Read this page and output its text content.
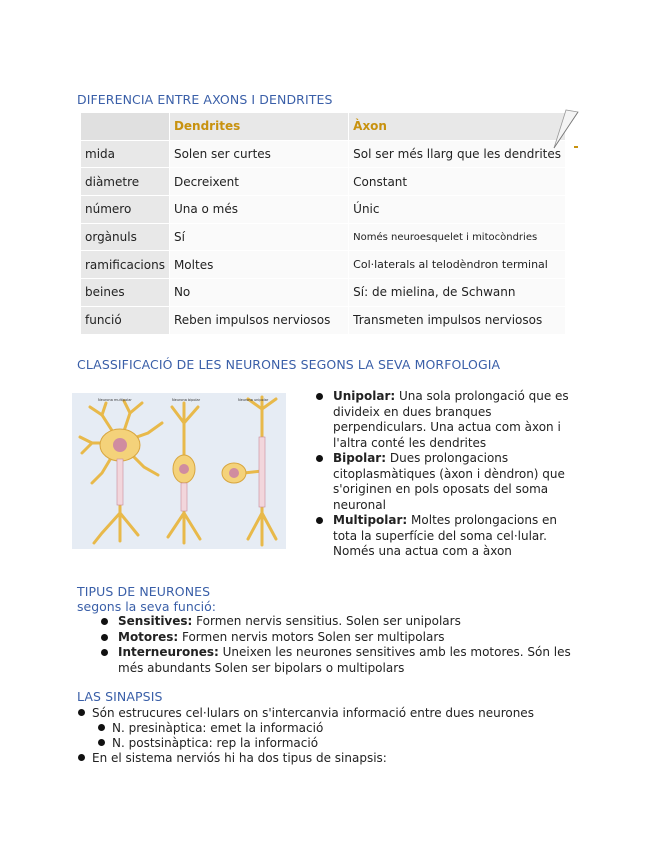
DIFERENCIA ENTRE AXONS I DENDRITES
	Dendrites	Àxon
mida	Solen ser curtes	Sol ser més llarg que les dendrites
diàmetre	Decreixent	Constant
número	Una o més	Únic
orgànuls	Sí	Només neuroesquelet i mitocòndries
ramificacions	Moltes	Col·laterals al telodèndron terminal
beines	No	Sí: de mielina, de Schwann
funció	Reben impulsos nerviosos	Transmeten impulsos nerviosos
CLASSIFICACIÓ DE LES NEURONES SEGONS LA SEVA MORFOLOGIA
Neurona multipolar	Neurona bipolar	Neurona unipolar	Unipolar: Una sola prolongació que es divideix en dues branques perpendiculars. Una actua com àxon i l'altra conté les dendrites
Bipolar: Dues prolongacions citoplasmàtiques (àxon i dèndron) que s'originen en pols oposats del soma neuronal
Multipolar: Moltes prolongacions en tota la superfície del soma cel·lular. Només una actua com a àxon
TIPUS DE NEURONES
segons la seva funció:
Sensitives: Formen nervis sensitius. Solen ser unipolars
Motores: Formen nervis motors Solen ser multipolars
Interneurones: Uneixen les neurones sensitives amb les motores. Són les més abundants Solen ser bipolars o multipolars
LAS SINAPSIS
Són estrucures cel·lulars on s'intercanvia informació entre dues neurones
N. presinàptica: emet la informació
N. postsinàptica: rep la informació
En el sistema nerviós hi ha dos tipus de sinapsis:
